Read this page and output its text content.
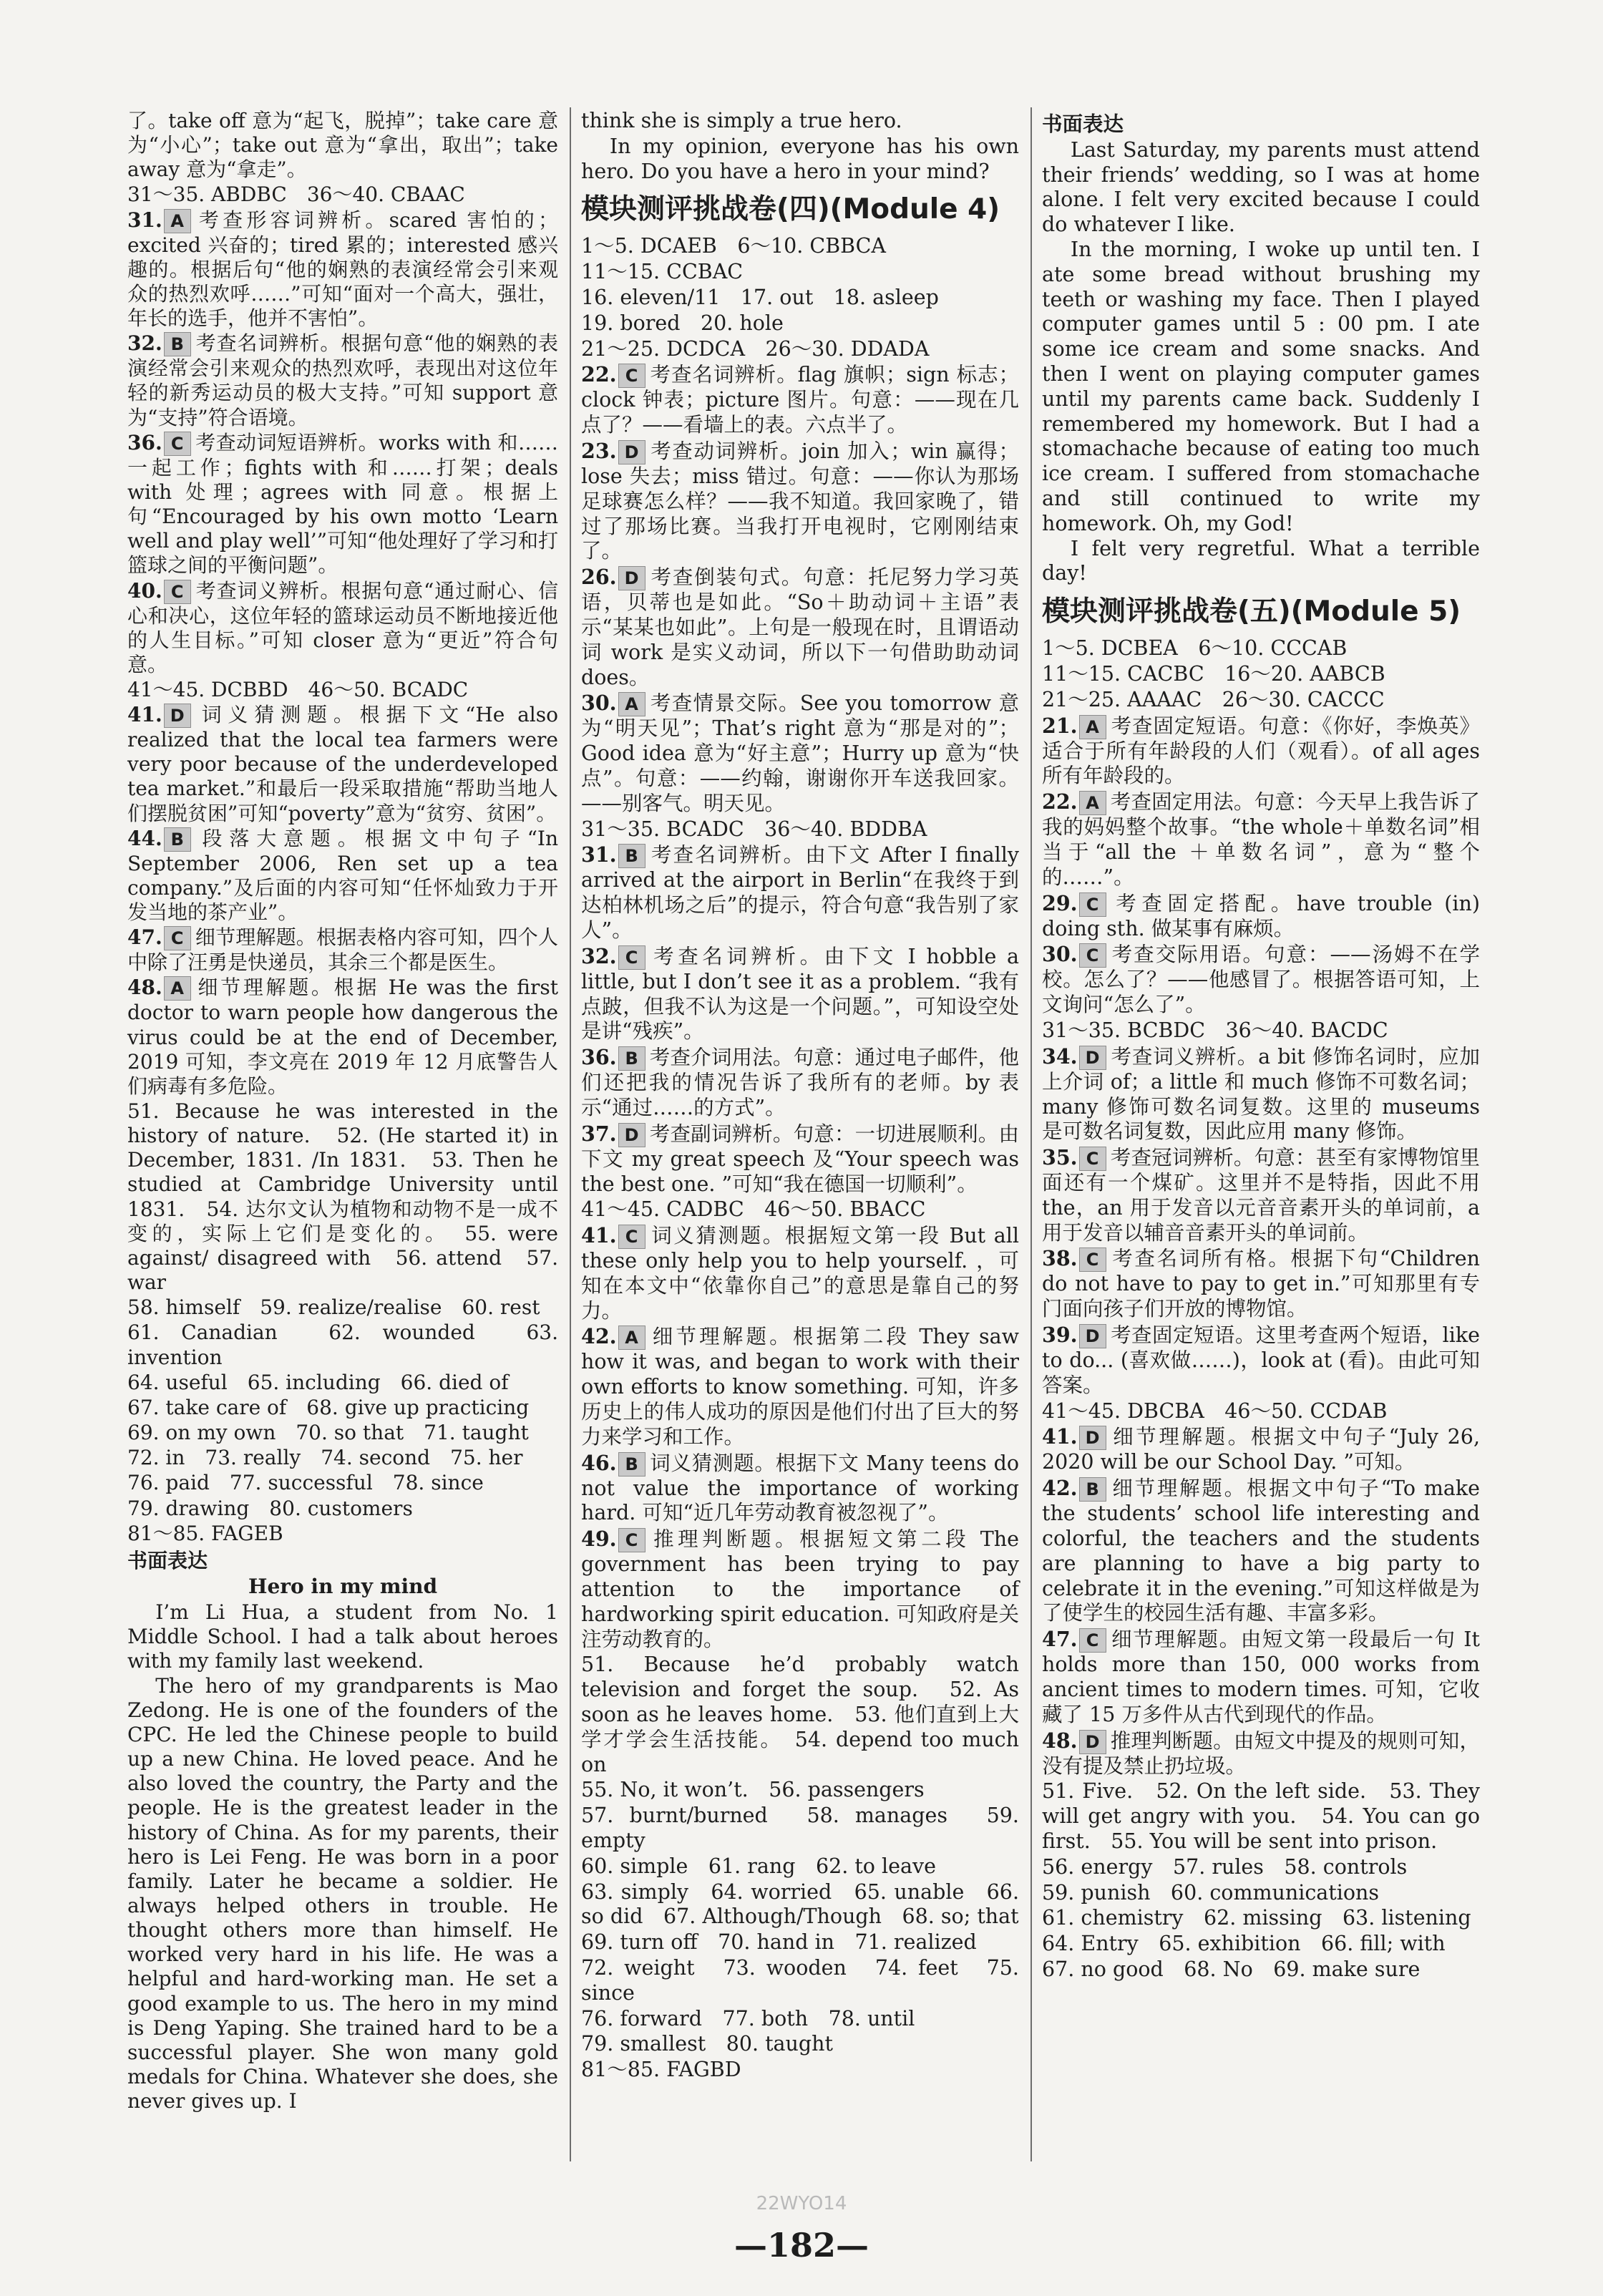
了。take off 意为“起飞，脱掉”；take care 意为“小心”；take out 意为“拿出，取出”；take away 意为“拿走”。

31～35. ABDBC　36～40. CBAAC

31. A 考查形容词辨析。scared 害怕的；excited 兴奋的；tired 累的；interested 感兴趣的。根据后句“他的娴熟的表演经常会引来观众的热烈欢呼……”可知“面对一个高大，强壮，年长的选手，他并不害怕”。

32. B 考查名词辨析。根据句意“他的娴熟的表演经常会引来观众的热烈欢呼，表现出对这位年轻的新秀运动员的极大支持。”可知 support 意为“支持”符合语境。

36. C 考查动词短语辨析。works with 和……一起工作；fights with 和……打架；deals with 处理；agrees with 同意。根据上句“Encouraged by his own motto ‘Learn well and play well’”可知“他处理好了学习和打篮球之间的平衡问题”。

40. C 考查词义辨析。根据句意“通过耐心、信心和决心，这位年轻的篮球运动员不断地接近他的人生目标。”可知 closer 意为“更近”符合句意。

41～45. DCBBD　46～50. BCADC

41. D 词义猜测题。根据下文“He also realized that the local tea farmers were very poor because of the underdeveloped tea market.”和最后一段采取措施“帮助当地人们摆脱贫困”可知“poverty”意为“贫穷、贫困”。

44. B 段落大意题。根据文中句子“In September 2006, Ren set up a tea company.”及后面的内容可知“任怀灿致力于开发当地的茶产业”。

47. C 细节理解题。根据表格内容可知，四个人中除了汪勇是快递员，其余三个都是医生。

48. A 细节理解题。根据 He was the first doctor to warn people how dangerous the virus could be at the end of December, 2019 可知，李文亮在 2019 年 12 月底警告人们病毒有多危险。

51. Because he was interested in the history of nature.　52. (He started it) in December, 1831. /In 1831.　53. Then he studied at Cambridge University until 1831.　54. 达尔文认为植物和动物不是一成不变的，实际上它们是变化的。　55. were against/ disagreed with　56. attend　57. war

58. himself　59. realize/realise　60. rest

61. Canadian　62. wounded　63. invention

64. useful　65. including　66. died of

67. take care of　68. give up practicing

69. on my own　70. so that　71. taught

72. in　73. really　74. second　75. her

76. paid　77. successful　78. since

79. drawing　80. customers

81～85. FAGEB

书面表达

Hero in my mind

I’m Li Hua, a student from No. 1 Middle School. I had a talk about heroes with my family last weekend.

The hero of my grandparents is Mao Zedong. He is one of the founders of the CPC. He led the Chinese people to build up a new China. He loved peace. And he also loved the country, the Party and the people. He is the greatest leader in the history of China. As for my parents, their hero is Lei Feng. He was born in a poor family. Later he became a soldier. He always helped others in trouble. He thought others more than himself. He worked very hard in his life. He was a helpful and hard-working man. He set a good example to us. The hero in my mind is Deng Yaping. She trained hard to be a successful player. She won many gold medals for China. Whatever she does, she never gives up. I

think she is simply a true hero.

In my opinion, everyone has his own hero. Do you have a hero in your mind?

模块测评挑战卷(四)(Module 4)

1～5. DCAEB　6～10. CBBCA

11～15. CCBAC

16. eleven/11　17. out　18. asleep

19. bored　20. hole

21～25. DCDCA　26～30. DDADA

22. C 考查名词辨析。flag 旗帜；sign 标志；clock 钟表；picture 图片。句意：——现在几点了？——看墙上的表。六点半了。

23. D 考查动词辨析。join 加入；win 赢得；lose 失去；miss 错过。句意：——你认为那场足球赛怎么样？——我不知道。我回家晚了，错过了那场比赛。当我打开电视时，它刚刚结束了。

26. D 考查倒装句式。句意：托尼努力学习英语，贝蒂也是如此。“So＋助动词＋主语”表示“某某也如此”。上句是一般现在时，且谓语动词 work 是实义动词，所以下一句借助助动词 does。

30. A 考查情景交际。See you tomorrow 意为“明天见”；That’s right 意为“那是对的”；Good idea 意为“好主意”；Hurry up 意为“快点”。句意：——约翰，谢谢你开车送我回家。——别客气。明天见。

31～35. BCADC　36～40. BDDBA

31. B 考查名词辨析。由下文 After I finally arrived at the airport in Berlin“在我终于到达柏林机场之后”的提示，符合句意“我告别了家人”。

32. C 考查名词辨析。由下文 I hobble a little, but I don’t see it as a problem. “我有点跛，但我不认为这是一个问题。”，可知设空处是讲“残疾”。

36. B 考查介词用法。句意：通过电子邮件，他们还把我的情况告诉了我所有的老师。by 表示“通过……的方式”。

37. D 考查副词辨析。句意：一切进展顺利。由下文 my great speech 及“Your speech was the best one. ”可知“我在德国一切顺利”。

41～45. CADBC　46～50. BBACC

41. C 词义猜测题。根据短文第一段 But all these only help you to help yourself. ，可知在本文中“依靠你自己”的意思是靠自己的努力。

42. A 细节理解题。根据第二段 They saw how it was, and began to work with their own efforts to know something. 可知，许多历史上的伟人成功的原因是他们付出了巨大的努力来学习和工作。

46. B 词义猜测题。根据下文 Many teens do not value the importance of working hard. 可知“近几年劳动教育被忽视了”。

49. C 推理判断题。根据短文第二段 The government has been trying to pay attention to the importance of hardworking spirit education. 可知政府是关注劳动教育的。

51. Because he’d probably watch television and forget the soup.　52. As soon as he leaves home.　53. 他们直到上大学才学会生活技能。　54. depend too much on

55. No, it won’t.　56. passengers

57. burnt/burned　58. manages　59. empty

60. simple　61. rang　62. to leave

63. simply　64. worried　65. unable　66. so did　67. Although/Though　68. so; that

69. turn off　70. hand in　71. realized

72. weight　73. wooden　74. feet　75. since

76. forward　77. both　78. until

79. smallest　80. taught

81～85. FAGBD

书面表达

Last Saturday, my parents must attend their friends’ wedding, so I was at home alone. I felt very excited because I could do whatever I like.

In the morning, I woke up until ten. I ate some bread without brushing my teeth or washing my face. Then I played computer games until 5 : 00 pm. I ate some ice cream and some snacks. And then I went on playing computer games until my parents came back. Suddenly I remembered my homework. But I had a stomachache because of eating too much ice cream. I suffered from stomachache and still continued to write my homework. Oh, my God!

I felt very regretful. What a terrible day!

模块测评挑战卷(五)(Module 5)

1～5. DCBEA　6～10. CCCAB

11～15. CACBC　16～20. AABCB

21～25. AAAAC　26～30. CACCC

21. A 考查固定短语。句意：《你好，李焕英》适合于所有年龄段的人们（观看）。of all ages 所有年龄段的。

22. A 考查固定用法。句意：今天早上我告诉了我的妈妈整个故事。“the whole＋单数名词”相当于“all the ＋单数名词”，意为“整个的……”。

29. C 考查固定搭配。have trouble (in) doing sth. 做某事有麻烦。

30. C 考查交际用语。句意：——汤姆不在学校。怎么了？——他感冒了。根据答语可知，上文询问“怎么了”。

31～35. BCBDC　36～40. BACDC

34. D 考查词义辨析。a bit 修饰名词时，应加上介词 of；a little 和 much 修饰不可数名词；many 修饰可数名词复数。这里的 museums 是可数名词复数，因此应用 many 修饰。

35. C 考查冠词辨析。句意：甚至有家博物馆里面还有一个煤矿。这里并不是特指，因此不用 the，an 用于发音以元音音素开头的单词前，a 用于发音以辅音音素开头的单词前。

38. C 考查名词所有格。根据下句“Children do not have to pay to get in.”可知那里有专门面向孩子们开放的博物馆。

39. D 考查固定短语。这里考查两个短语，like to do... (喜欢做……)，look at (看)。由此可知答案。

41～45. DBCBA　46～50. CCDAB

41. D 细节理解题。根据文中句子“July 26, 2020 will be our School Day. ”可知。

42. B 细节理解题。根据文中句子“To make the students’ school life interesting and colorful, the teachers and the students are planning to have a big party to celebrate it in the evening.”可知这样做是为了使学生的校园生活有趣、丰富多彩。

47. C 细节理解题。由短文第一段最后一句 It holds more than 150, 000 works from ancient times to modern times. 可知，它收藏了 15 万多件从古代到现代的作品。

48. D 推理判断题。由短文中提及的规则可知，没有提及禁止扔垃圾。

51. Five.　52. On the left side.　53. They will get angry with you.　54. You can go first.　55. You will be sent into prison.

56. energy　57. rules　58. controls

59. punish　60. communications

61. chemistry　62. missing　63. listening

64. Entry　65. exhibition　66. fill; with

67. no good　68. No　69. make sure

22WYO14
—182—
